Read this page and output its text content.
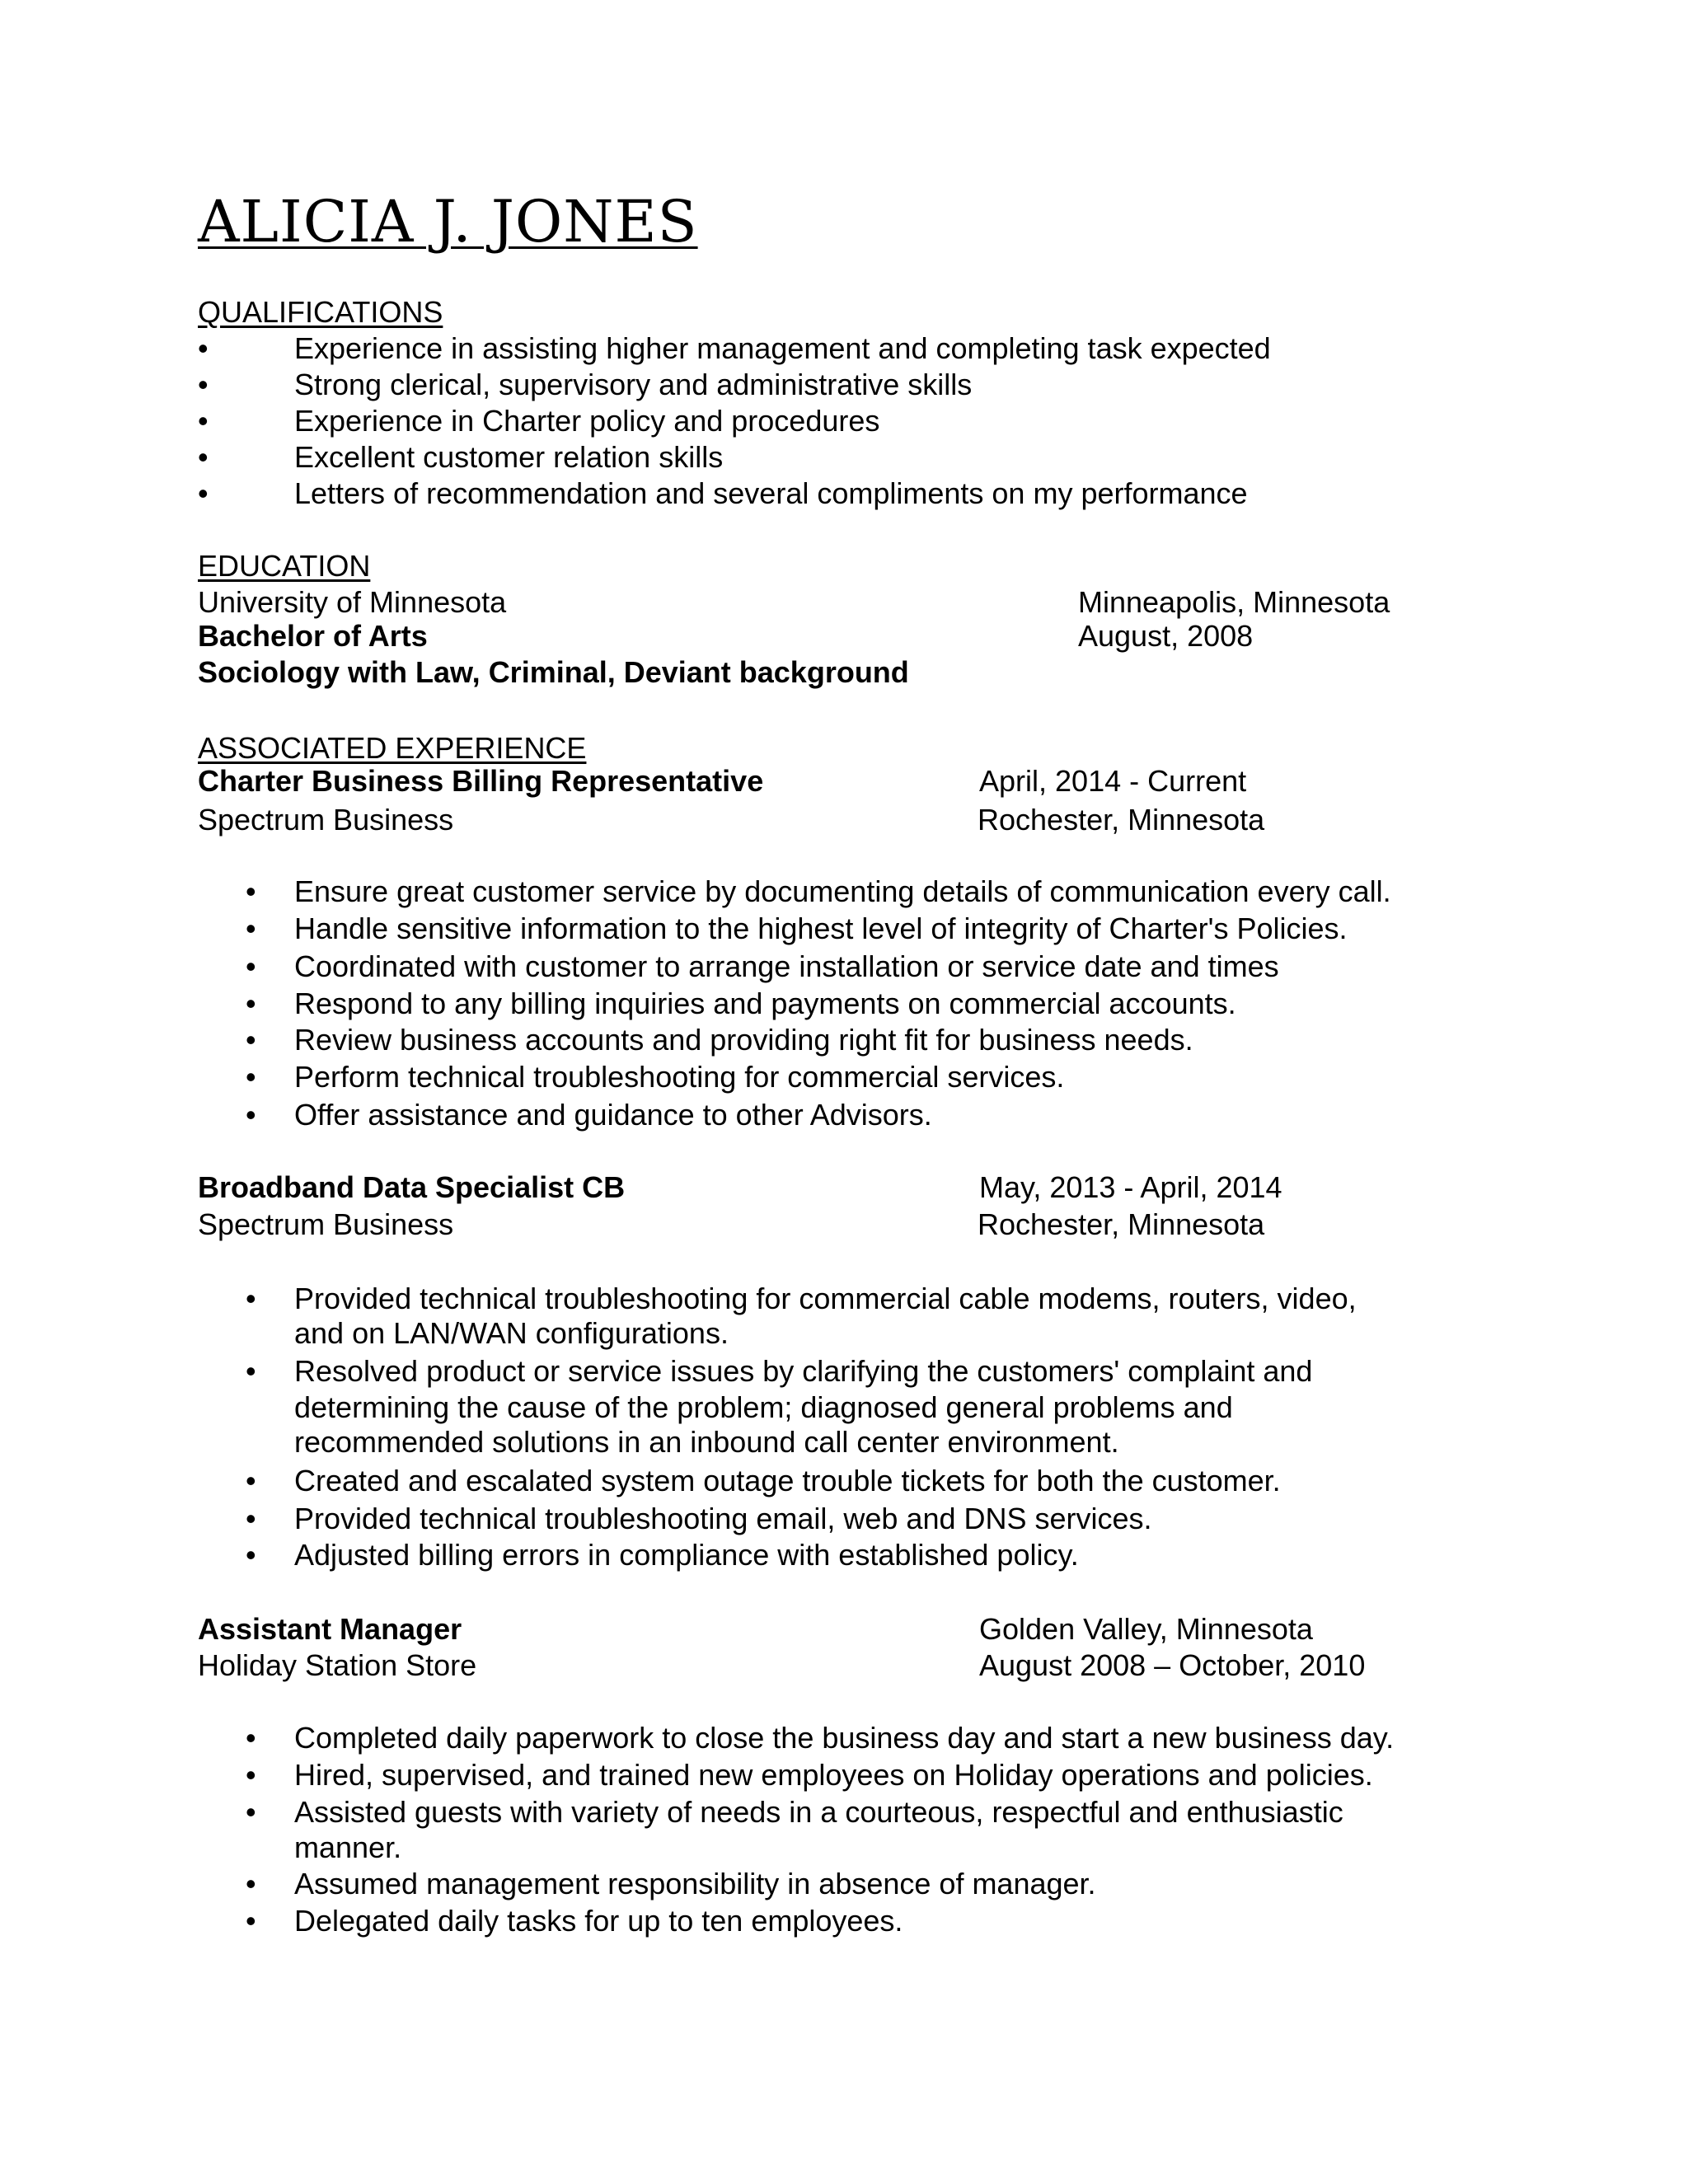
ALICIA J. JONES
QUALIFICATIONS
•	Experience in assisting higher management and completing task expected
•	Strong clerical, supervisory and administrative skills
•	Experience in Charter policy and procedures
•	Excellent customer relation skills
•	Letters of recommendation and several compliments on my performance
EDUCATION
University of Minnesota	Minneapolis, Minnesota
Bachelor of Arts	August, 2008
Sociology with Law, Criminal, Deviant background
ASSOCIATED EXPERIENCE
Charter Business Billing Representative	April, 2014 - Current
Spectrum Business	Rochester, Minnesota
• Ensure great customer service by documenting details of communication every call.
• Handle sensitive information to the highest level of integrity of Charter's Policies.
• Coordinated with customer to arrange installation or service date and times
• Respond to any billing inquiries and payments on commercial accounts.
• Review business accounts and providing right fit for business needs.
• Perform technical troubleshooting for commercial services.
• Offer assistance and guidance to other Advisors.
Broadband Data Specialist CB	May, 2013 - April, 2014
Spectrum Business	Rochester, Minnesota
• Provided technical troubleshooting for commercial cable modems, routers, video,
and on LAN/WAN configurations.
• Resolved product or service issues by clarifying the customers' complaint and
determining the cause of the problem; diagnosed general problems and
recommended solutions in an inbound call center environment.
• Created and escalated system outage trouble tickets for both the customer.
• Provided technical troubleshooting email, web and DNS services.
• Adjusted billing errors in compliance with established policy.
Assistant Manager	Golden Valley, Minnesota
Holiday Station Store	August 2008 – October, 2010
• Completed daily paperwork to close the business day and start a new business day.
• Hired, supervised, and trained new employees on Holiday operations and policies.
• Assisted guests with variety of needs in a courteous, respectful and enthusiastic
manner.
• Assumed management responsibility in absence of manager.
• Delegated daily tasks for up to ten employees.
